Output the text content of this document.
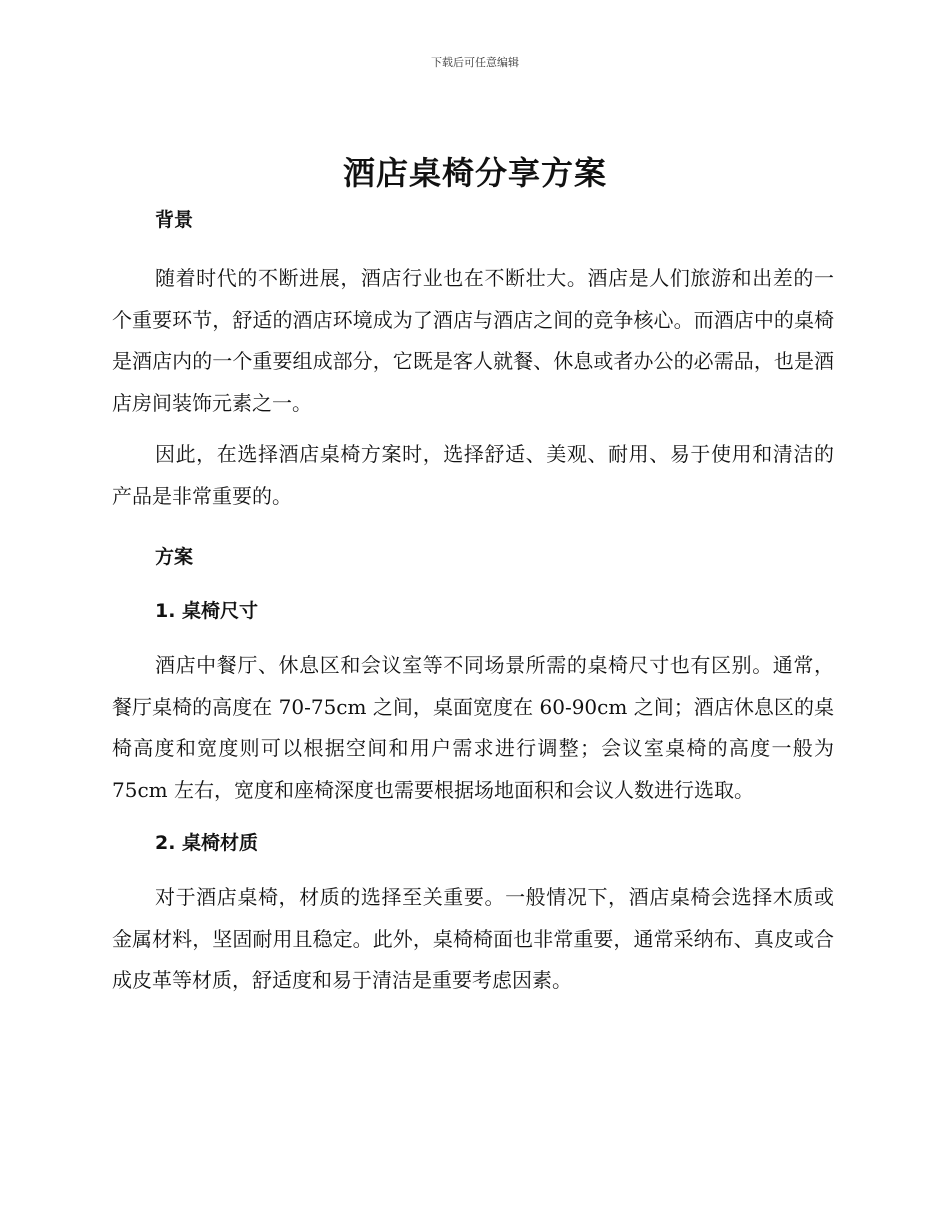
下载后可任意编辑
酒店桌椅分享方案
背景

随着时代的不断进展，酒店行业也在不断壮大。酒店是人们旅游和出差的一个重要环节，舒适的酒店环境成为了酒店与酒店之间的竞争核心。而酒店中的桌椅是酒店内的一个重要组成部分，它既是客人就餐、休息或者办公的必需品，也是酒店房间装饰元素之一。

因此，在选择酒店桌椅方案时，选择舒适、美观、耐用、易于使用和清洁的产品是非常重要的。

方案
1. 桌椅尺寸

酒店中餐厅、休息区和会议室等不同场景所需的桌椅尺寸也有区别。通常，餐厅桌椅的高度在 70-75cm 之间，桌面宽度在 60-90cm 之间；酒店休息区的桌椅高度和宽度则可以根据空间和用户需求进行调整；会议室桌椅的高度一般为 75cm 左右，宽度和座椅深度也需要根据场地面积和会议人数进行选取。

2. 桌椅材质

对于酒店桌椅，材质的选择至关重要。一般情况下，酒店桌椅会选择木质或金属材料，坚固耐用且稳定。此外，桌椅椅面也非常重要，通常采纳布、真皮或合成皮革等材质，舒适度和易于清洁是重要考虑因素。
